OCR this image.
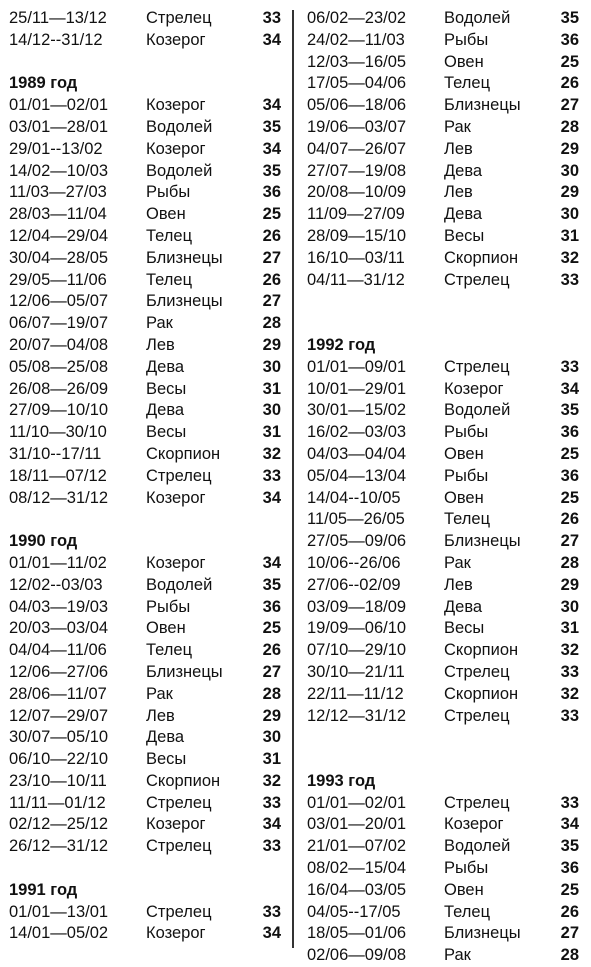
25/11—13/12	Стрелец	33
14/12--31/12	Козерог	34
1989 год
01/01—02/01	Козерог	34
03/01—28/01	Водолей	35
29/01--13/02	Козерог	34
14/02—10/03	Водолей	35
11/03—27/03	Рыбы	36
28/03—11/04	Овен	25
12/04—29/04	Телец	26
30/04—28/05	Близнецы	27
29/05—11/06	Телец	26
12/06—05/07	Близнецы	27
06/07—19/07	Рак	28
20/07—04/08	Лев	29
05/08—25/08	Дева	30
26/08—26/09	Весы	31
27/09—10/10	Дева	30
11/10—30/10	Весы	31
31/10--17/11	Скорпион	32
18/11—07/12	Стрелец	33
08/12—31/12	Козерог	34
1990 год
01/01—11/02	Козерог	34
12/02--03/03	Водолей	35
04/03—19/03	Рыбы	36
20/03—03/04	Овен	25
04/04—11/06	Телец	26
12/06—27/06	Близнецы	27
28/06—11/07	Рак	28
12/07—29/07	Лев	29
30/07—05/10	Дева	30
06/10—22/10	Весы	31
23/10—10/11	Скорпион	32
11/11—01/12	Стрелец	33
02/12—25/12	Козерог	34
26/12—31/12	Стрелец	33
1991 год
01/01—13/01	Стрелец	33
14/01—05/02	Козерог	34
06/02—23/02	Водолей	35
24/02—11/03	Рыбы	36
12/03—16/05	Овен	25
17/05—04/06	Телец	26
05/06—18/06	Близнецы	27
19/06—03/07	Рак	28
04/07—26/07	Лев	29
27/07—19/08	Дева	30
20/08—10/09	Лев	29
11/09—27/09	Дева	30
28/09—15/10	Весы	31
16/10—03/11	Скорпион	32
04/11—31/12	Стрелец	33
1992 год
01/01—09/01	Стрелец	33
10/01—29/01	Козерог	34
30/01—15/02	Водолей	35
16/02—03/03	Рыбы	36
04/03—04/04	Овен	25
05/04—13/04	Рыбы	36
14/04--10/05	Овен	25
11/05—26/05	Телец	26
27/05—09/06	Близнецы	27
10/06--26/06	Рак	28
27/06--02/09	Лев	29
03/09—18/09	Дева	30
19/09—06/10	Весы	31
07/10—29/10	Скорпион	32
30/10—21/11	Стрелец	33
22/11—11/12	Скорпион	32
12/12—31/12	Стрелец	33
1993 год
01/01—02/01	Стрелец	33
03/01—20/01	Козерог	34
21/01—07/02	Водолей	35
08/02—15/04	Рыбы	36
16/04—03/05	Овен	25
04/05--17/05	Телец	26
18/05—01/06	Близнецы	27
02/06—09/08	Рак	28
